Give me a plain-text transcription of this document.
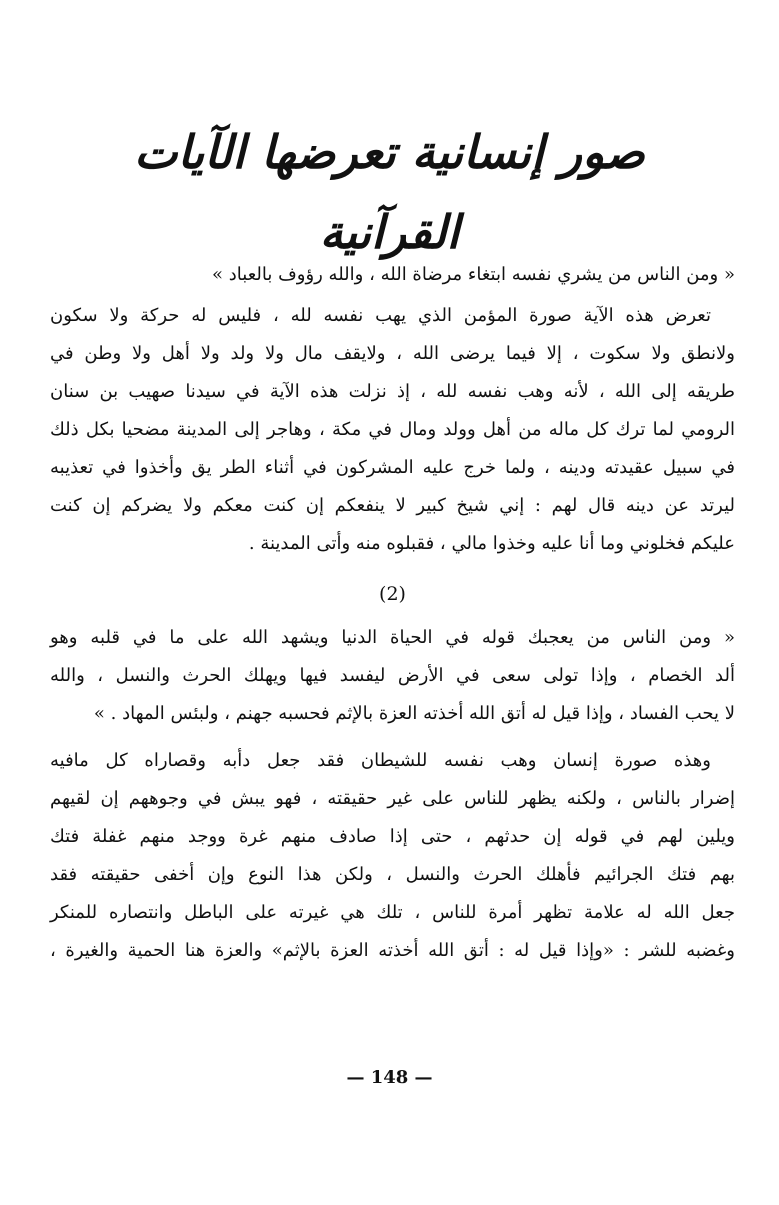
صور إنسانية تعرضها الآيات القرآنية

« ومن الناس من يشري نفسه ابتغاء مرضاة الله ، والله رؤوف بالعباد »

تعرض هذه الآية صورة المؤمن الذي يهب نفسه لله ، فليس له حركة ولا سكون
ولانطق ولا سكوت ، إلا فيما يرضى الله ، ولايقف مال ولا ولد ولا أهل ولا وطن في
طريقه إلى الله ، لأنه وهب نفسه لله ، إذ نزلت هذه الآية في سيدنا صهيب بن سنان
الرومي لما ترك كل ماله من أهل وولد ومال في مكة ، وهاجر إلى المدينة مضحيا بكل ذلك
في سبيل عقيدته ودينه ، ولما خرج عليه المشركون في أثناء الطر يق وأخذوا في تعذيبه
ليرتد عن دينه قال لهم : إني شيخ كبير لا ينفعكم إن كنت معكم ولا يضركم إن كنت
عليكم فخلوني وما أنا عليه وخذوا مالي ، فقبلوه منه وأتى المدينة .

(2)

« ومن الناس من يعجبك قوله في الحياة الدنيا ويشهد الله على ما في قلبه وهو
ألد الخصام ، وإذا تولى سعى في الأرض ليفسد فيها ويهلك الحرث والنسل ، والله
لا يحب الفساد ، وإذا قيل له أتق الله أخذته العزة بالإثم فحسبه جهنم ، ولبئس المهاد . »

وهذه صورة إنسان وهب نفسه للشيطان فقد جعل دأبه وقصاراه كل مافيه
إضرار بالناس ، ولكنه يظهر للناس على غير حقيقته ، فهو يبش في وجوههم إن لقيهم
ويلين لهم في قوله إن حدثهم ، حتى إذا صادف منهم غرة ووجد منهم غفلة فتك
بهم فتك الجرائيم فأهلك الحرث والنسل ، ولكن هذا النوع وإن أخفى حقيقته فقد
جعل الله له علامة تظهر أمرة للناس ، تلك هي غيرته على الباطل وانتصاره للمنكر
وغضبه للشر : «وإذا قيل له : أتق الله أخذته العزة بالإثم» والعزة هنا الحمية والغيرة ،

— 148 —
